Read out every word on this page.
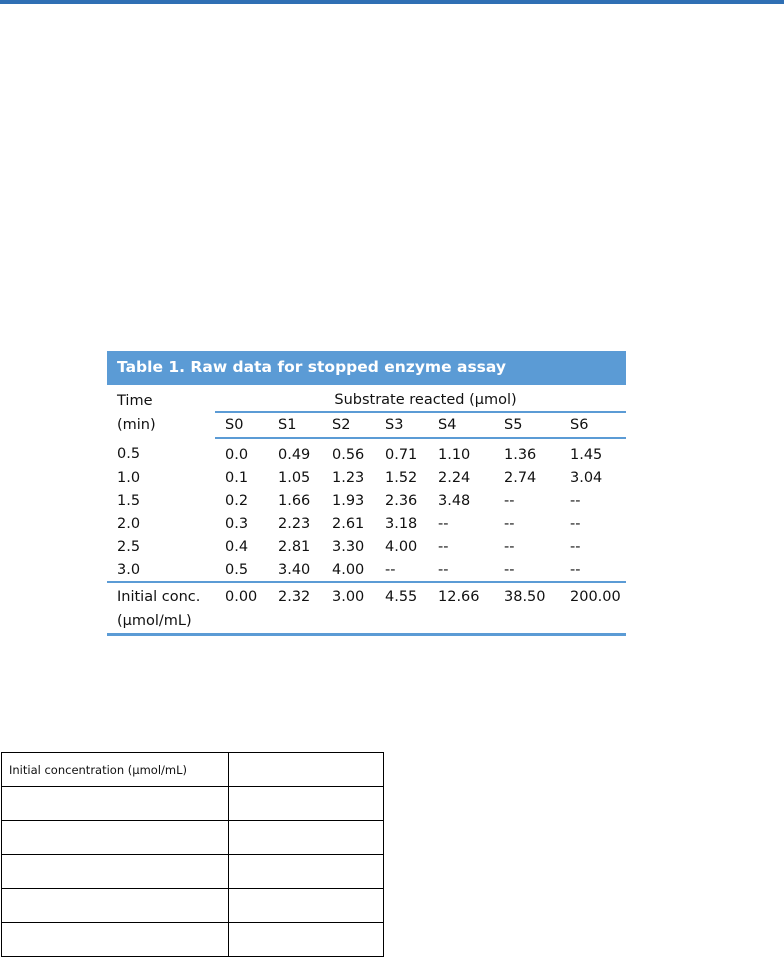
Table 1. Raw data for stopped enzyme assay
Time	Substrate reacted (µmol)						
(min)	S0	S1	S2	S3	S4	S5	S6
0.5	0.0	0.49	0.56	0.71	1.10	1.36	1.45
1.0	0.1	1.05	1.23	1.52	2.24	2.74	3.04
1.5	0.2	1.66	1.93	2.36	3.48	--	--
2.0	0.3	2.23	2.61	3.18	--	--	--
2.5	0.4	2.81	3.30	4.00	--	--	--
3.0	0.5	3.40	4.00	--	--	--	--
Initial conc.
(µmol/mL)	0.00	2.32	3.00	4.55	12.66	38.50	200.00
Initial concentration (µmol/mL)	
